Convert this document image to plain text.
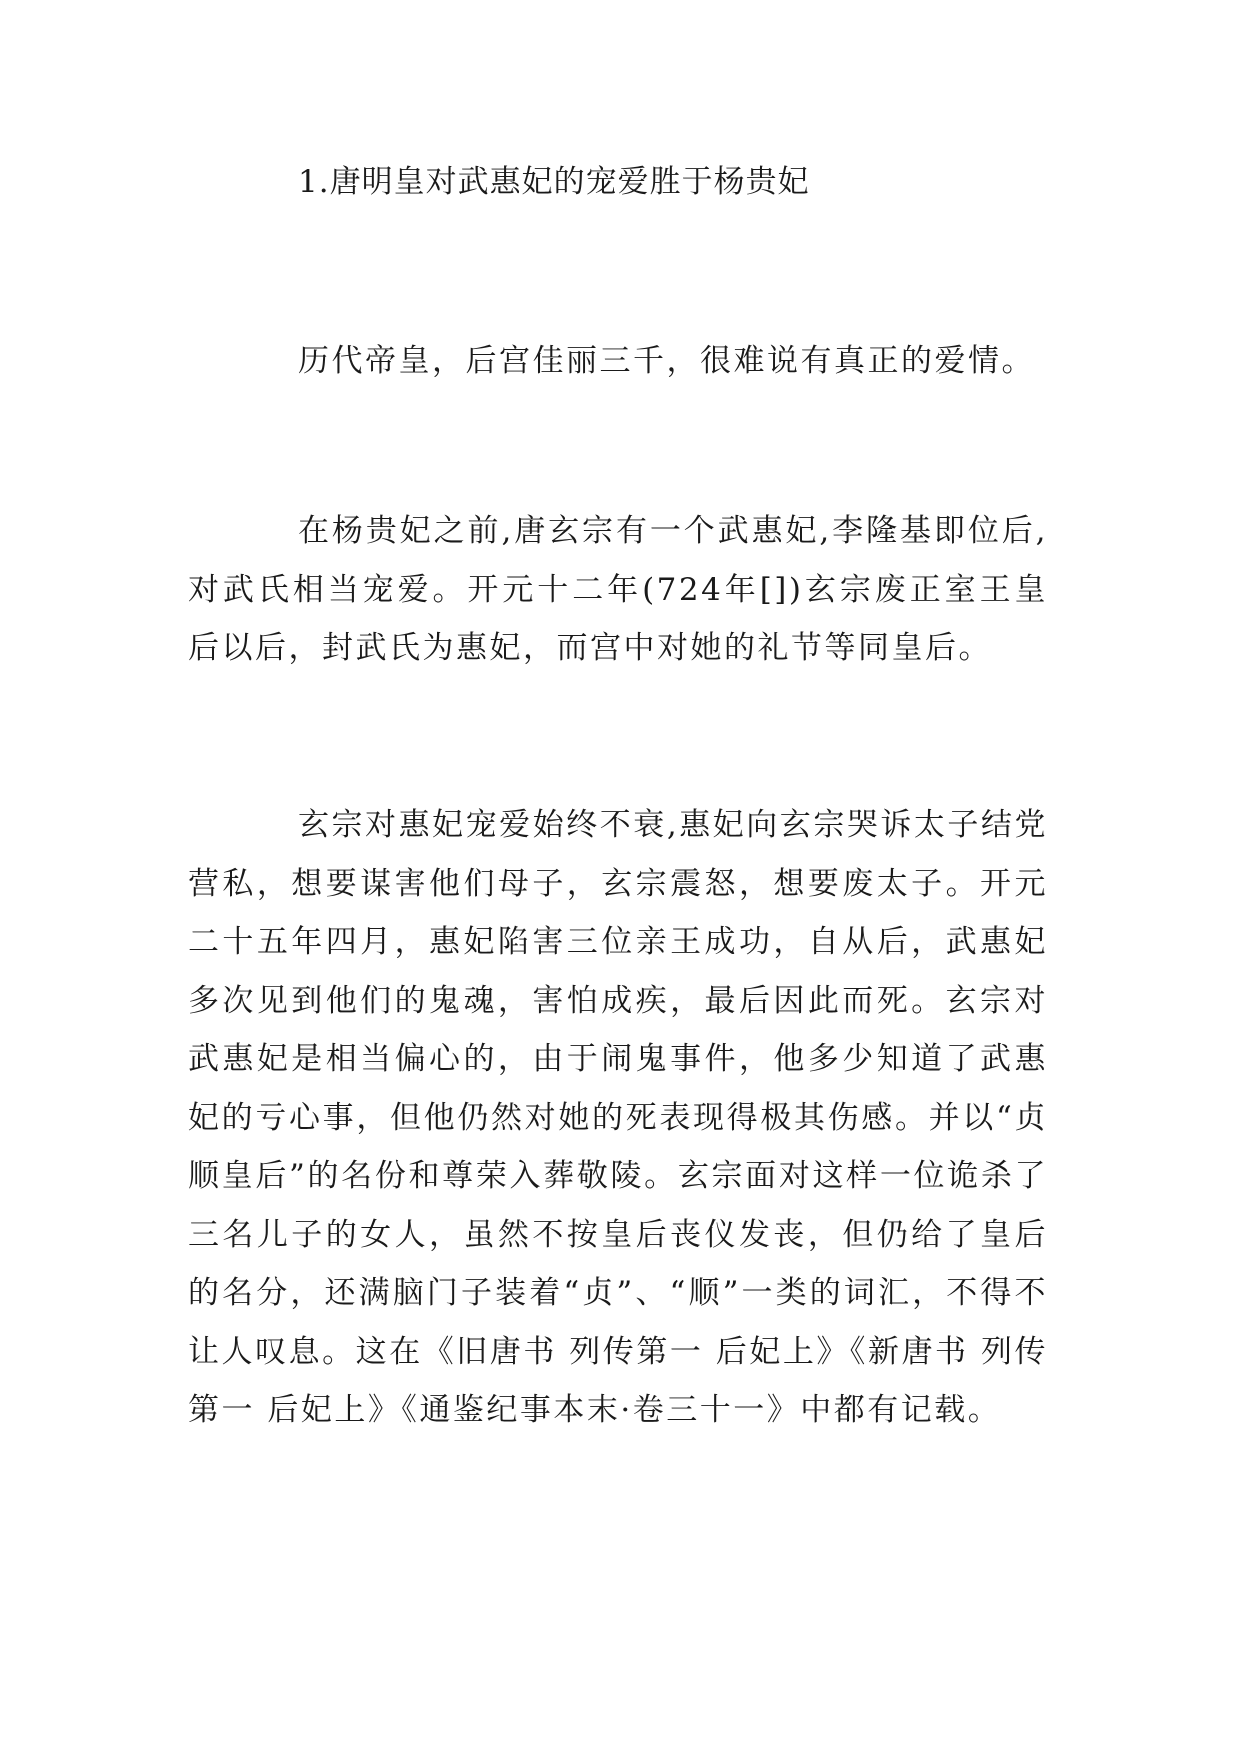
1.唐明皇对武惠妃的宠爱胜于杨贵妃

历代帝皇，后宫佳丽三千，很难说有真正的爱情。

在杨贵妃之前,唐玄宗有一个武惠妃,李隆基即位后,对武氏相当宠爱。开元十二年(724年[])玄宗废正室王皇后以后，封武氏为惠妃，而宫中对她的礼节等同皇后。

玄宗对惠妃宠爱始终不衰,惠妃向玄宗哭诉太子结党营私，想要谋害他们母子，玄宗震怒，想要废太子。开元二十五年四月，惠妃陷害三位亲王成功，自从后，武惠妃多次见到他们的鬼魂，害怕成疾，最后因此而死。玄宗对武惠妃是相当偏心的，由于闹鬼事件，他多少知道了武惠妃的亏心事，但他仍然对她的死表现得极其伤感。并以“贞顺皇后”的名份和尊荣入葬敬陵。玄宗面对这样一位诡杀了三名儿子的女人，虽然不按皇后丧仪发丧，但仍给了皇后的名分，还满脑门子装着“贞”、“顺”一类的词汇，不得不让人叹息。这在《旧唐书 列传第一 后妃上》《新唐书 列传第一 后妃上》《通鉴纪事本末·卷三十一》中都有记载。
